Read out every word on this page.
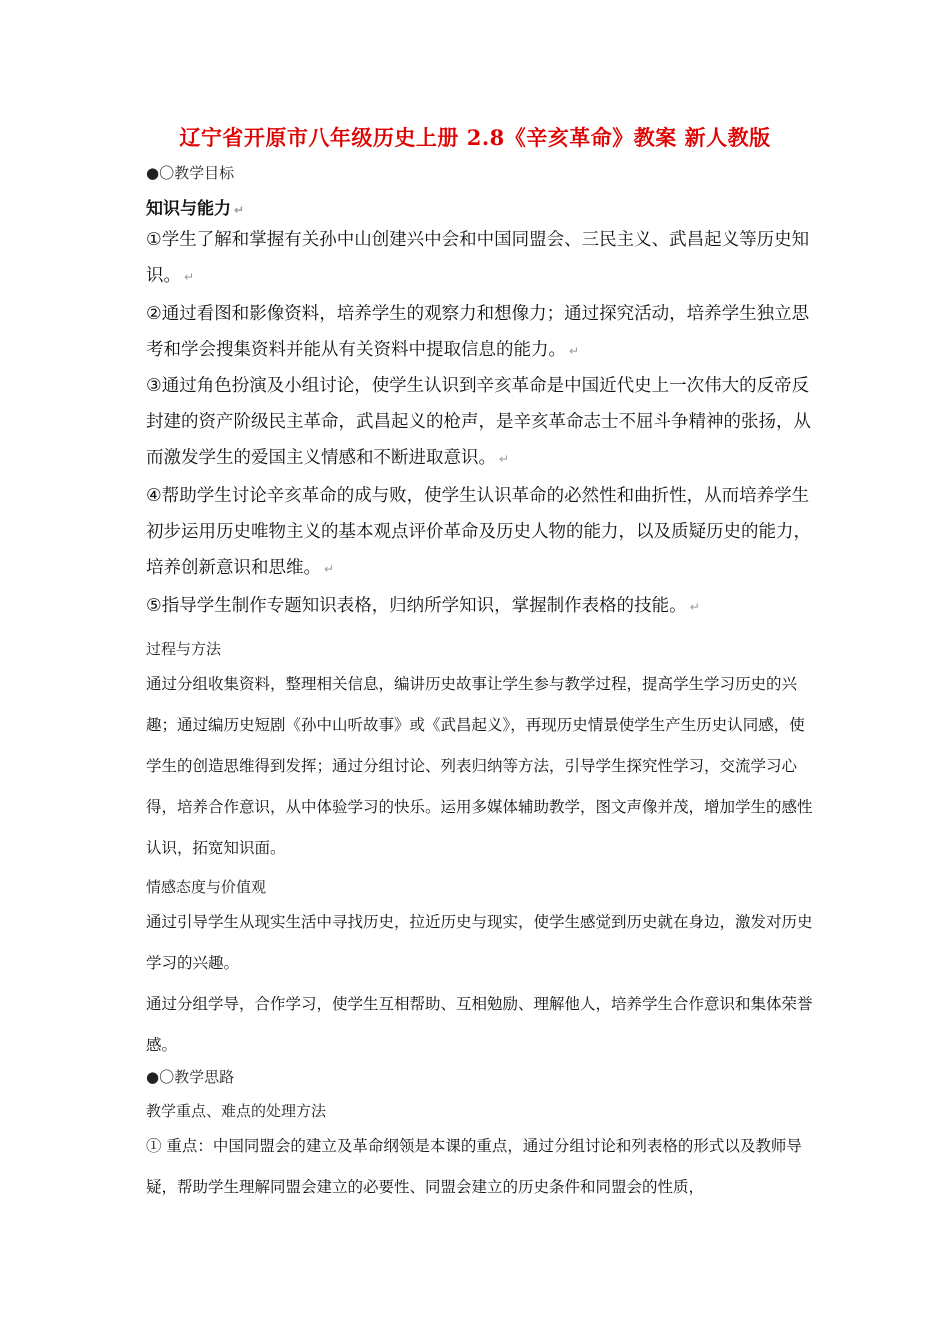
辽宁省开原市八年级历史上册 2.8《辛亥革命》教案 新人教版
●〇教学目标
知识与能力 ↵
①学生了解和掌握有关孙中山创建兴中会和中国同盟会、三民主义、武昌起义等历史知识。 ↵
②通过看图和影像资料，培养学生的观察力和想像力；通过探究活动，培养学生独立思考和学会搜集资料并能从有关资料中提取信息的能力。 ↵
③通过角色扮演及小组讨论，使学生认识到辛亥革命是中国近代史上一次伟大的反帝反封建的资产阶级民主革命，武昌起义的枪声，是辛亥革命志士不屈斗争精神的张扬，从而激发学生的爱国主义情感和不断进取意识。 ↵
④帮助学生讨论辛亥革命的成与败，使学生认识革命的必然性和曲折性，从而培养学生初步运用历史唯物主义的基本观点评价革命及历史人物的能力，以及质疑历史的能力，培养创新意识和思维。 ↵
⑤指导学生制作专题知识表格，归纳所学知识，掌握制作表格的技能。 ↵
过程与方法
通过分组收集资料，整理相关信息，编讲历史故事让学生参与教学过程，提高学生学习历史的兴趣；通过编历史短剧《孙中山听故事》或《武昌起义》，再现历史情景使学生产生历史认同感，使学生的创造思维得到发挥；通过分组讨论、列表归纳等方法，引导学生探究性学习，交流学习心得，培养合作意识，从中体验学习的快乐。运用多媒体辅助教学，图文声像并茂，增加学生的感性认识，拓宽知识面。
情感态度与价值观
通过引导学生从现实生活中寻找历史，拉近历史与现实，使学生感觉到历史就在身边，激发对历史学习的兴趣。
通过分组学导，合作学习，使学生互相帮助、互相勉励、理解他人，培养学生合作意识和集体荣誉感。
●〇教学思路
教学重点、难点的处理方法
① 重点：中国同盟会的建立及革命纲领是本课的重点，通过分组讨论和列表格的形式以及教师导疑，帮助学生理解同盟会建立的必要性、同盟会建立的历史条件和同盟会的性质，
